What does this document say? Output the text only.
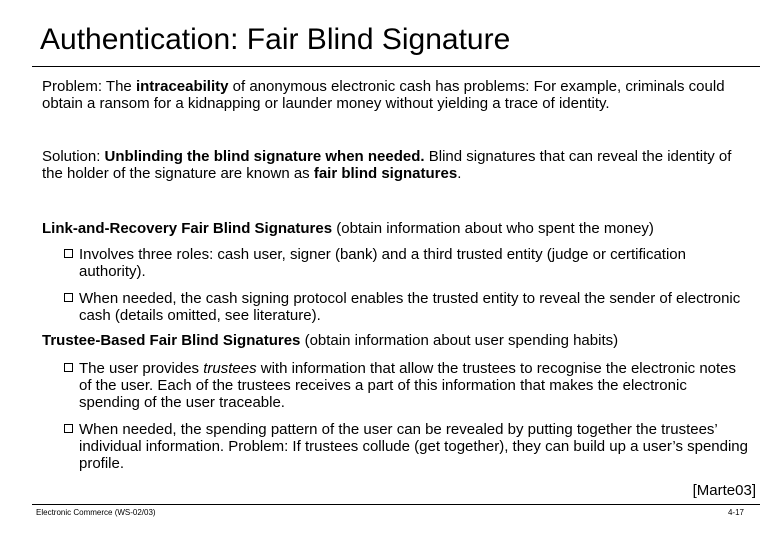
Authentication: Fair Blind Signature
Problem: The intraceability of anonymous electronic cash has problems: For example, criminals could obtain a ransom for a kidnapping or launder money without yielding a trace of identity.
Solution: Unblinding the blind signature when needed. Blind signatures that can reveal the identity of the holder of the signature are known as fair blind signatures.
Link-and-Recovery Fair Blind Signatures (obtain information about who spent the money)
Involves three roles: cash user, signer (bank) and a third trusted entity (judge or certification authority).
When needed, the cash signing protocol enables the trusted entity to reveal the sender of electronic cash (details omitted, see literature).
Trustee-Based Fair Blind Signatures (obtain information about user spending habits)
The user provides trustees with information that allow the trustees to recognise the electronic notes of the user. Each of the trustees receives a part of this information that makes the electronic spending of the user traceable.
When needed, the spending pattern of the user can be revealed by putting together the trustees’ individual information. Problem: If trustees collude (get together), they can build up a user’s spending profile.
[Marte03]
Electronic Commerce (WS-02/03)	4-17
